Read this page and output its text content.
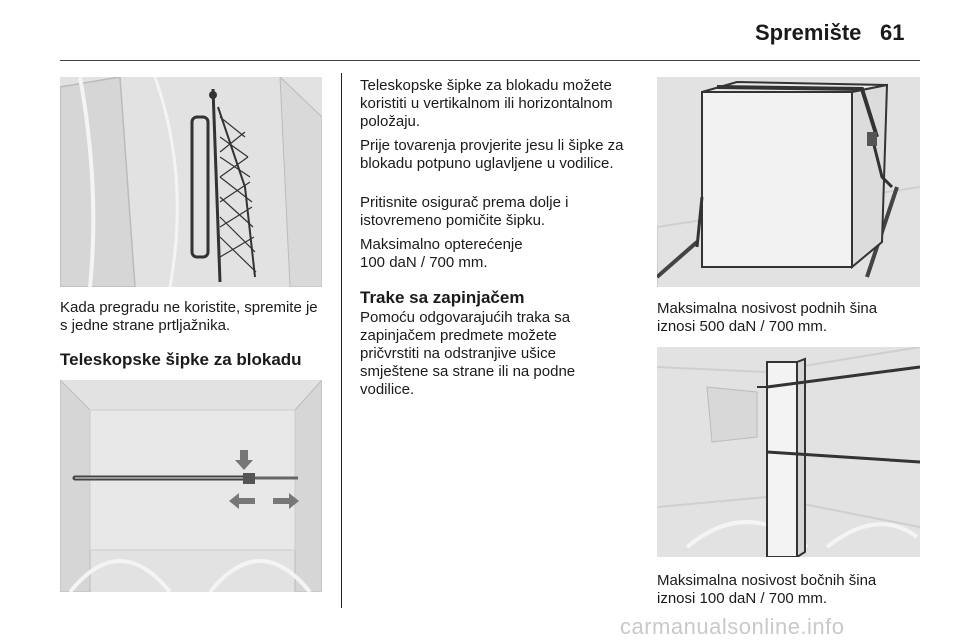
Spremište 61

Kada pregradu ne koristite, spremite je s jedne strane prtljažnika.

Teleskopske šipke za blokadu

Teleskopske šipke za blokadu možete koristiti u vertikalnom ili horizontalnom položaju.

Prije tovarenja provjerite jesu li šipke za blokadu potpuno uglavljene u vodilice.

Pritisnite osigurač prema dolje i istovremeno pomičite šipku.

Maksimalno opterećenje

100 daN / 700 mm.

Trake sa zapinjačem

Pomoću odgovarajućih traka sa zapinjačem predmete možete pričvrstiti na odstranjive ušice smještene sa strane ili na podne vodilice.

Maksimalna nosivost podnih šina iznosi 500 daN / 700 mm.

Maksimalna nosivost bočnih šina iznosi 100 daN / 700 mm.

carmanualsonline.info
